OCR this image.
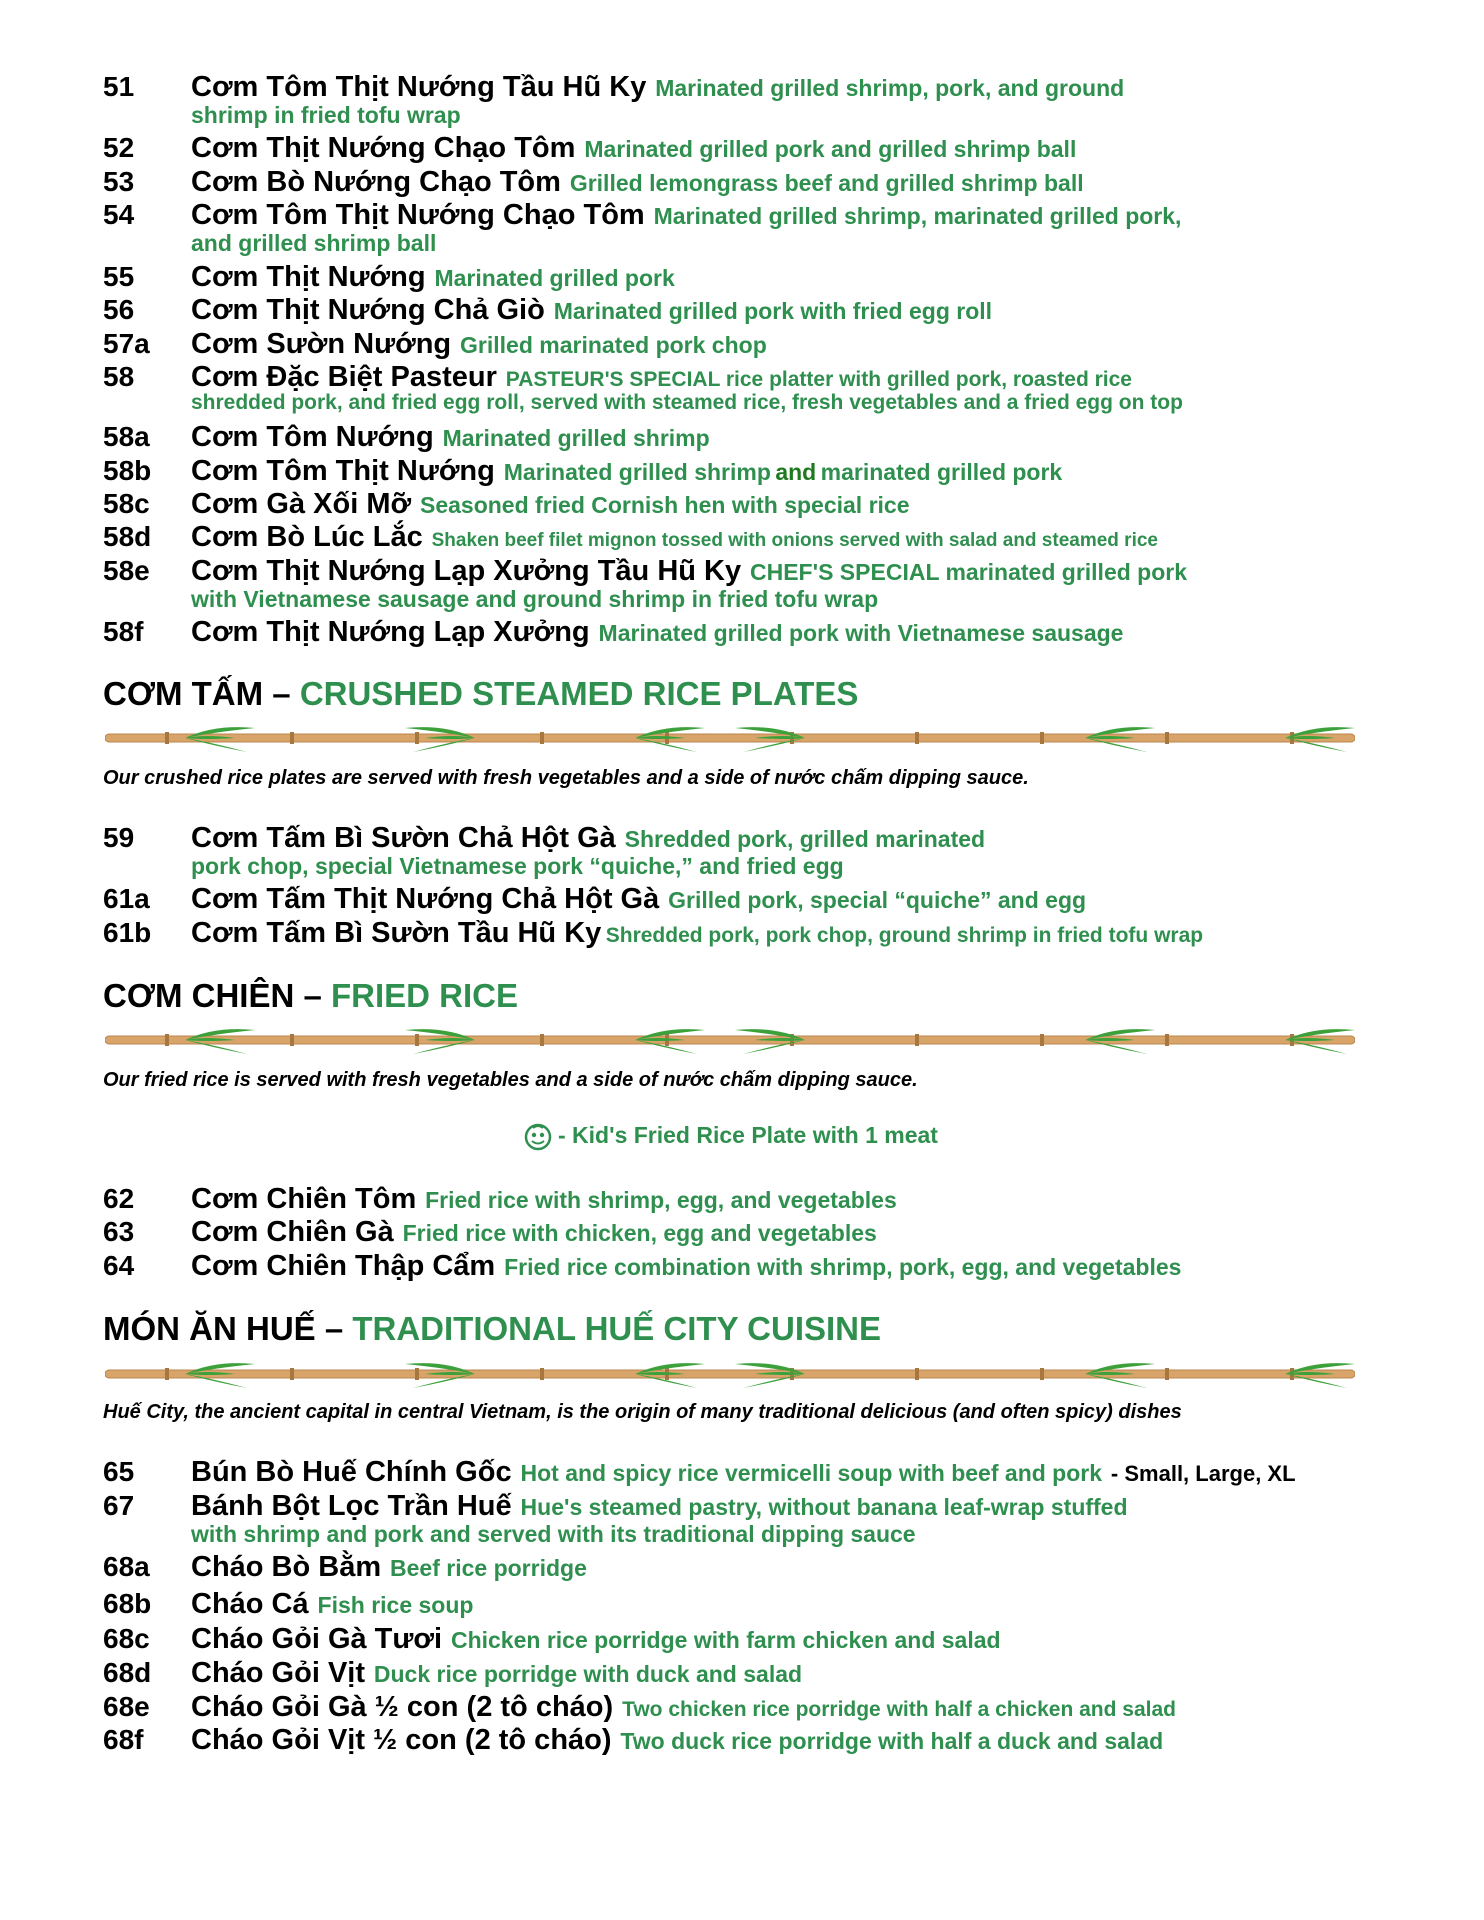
51 Cơm Tôm Thịt Nướng Tầu Hũ Ky Marinated grilled shrimp, pork, and ground
shrimp in fried tofu wrap
52 Cơm Thịt Nướng Chạo Tôm Marinated grilled pork and grilled shrimp ball
53 Cơm Bò Nướng Chạo Tôm Grilled lemongrass beef and grilled shrimp ball
54 Cơm Tôm Thịt Nướng Chạo Tôm Marinated grilled shrimp, marinated grilled pork,
and grilled shrimp ball
55 Cơm Thịt Nướng Marinated grilled pork
56 Cơm Thịt Nướng Chả Giò Marinated grilled pork with fried egg roll
57a Cơm Sườn Nướng Grilled marinated pork chop
58 Cơm Đặc Biệt Pasteur PASTEUR'S SPECIAL rice platter with grilled pork, roasted rice
shredded pork, and fried egg roll, served with steamed rice, fresh vegetables and a fried egg on top
58a Cơm Tôm Nướng Marinated grilled shrimp
58b Cơm Tôm Thịt Nướng Marinated grilled shrimp and marinated grilled pork
58c Cơm Gà Xối Mỡ Seasoned fried Cornish hen with special rice
58d Cơm Bò Lúc Lắc Shaken beef filet mignon tossed with onions served with salad and steamed rice
58e Cơm Thịt Nướng Lạp Xưởng Tầu Hũ Ky CHEF'S SPECIAL marinated grilled pork
with Vietnamese sausage and ground shrimp in fried tofu wrap
58f Cơm Thịt Nướng Lạp Xưởng Marinated grilled pork with Vietnamese sausage
CƠM TẤM – CRUSHED STEAMED RICE PLATES
Our crushed rice plates are served with fresh vegetables and a side of nước chấm dipping sauce.
59 Cơm Tấm Bì Sườn Chả Hột Gà Shredded pork, grilled marinated
pork chop, special Vietnamese pork “quiche,” and fried egg
61a Cơm Tấm Thịt Nướng Chả Hột Gà Grilled pork, special “quiche” and egg
61b Cơm Tấm Bì Sườn Tầu Hũ Ky Shredded pork, pork chop, ground shrimp in fried tofu wrap
CƠM CHIÊN – FRIED RICE
Our fried rice is served with fresh vegetables and a side of nước chấm dipping sauce.
- Kid's Fried Rice Plate with 1 meat
62 Cơm Chiên Tôm Fried rice with shrimp, egg, and vegetables
63 Cơm Chiên Gà Fried rice with chicken, egg and vegetables
64 Cơm Chiên Thập Cẩm Fried rice combination with shrimp, pork, egg, and vegetables
MÓN ĂN HUẾ – TRADITIONAL HUẾ CITY CUISINE
Huế City, the ancient capital in central Vietnam, is the origin of many traditional delicious (and often spicy) dishes
65 Bún Bò Huế Chính Gốc Hot and spicy rice vermicelli soup with beef and pork - Small, Large, XL
67 Bánh Bột Lọc Trần Huế Hue's steamed pastry, without banana leaf-wrap stuffed
with shrimp and pork and served with its traditional dipping sauce
68a Cháo Bò Bằm Beef rice porridge
68b Cháo Cá Fish rice soup
68c Cháo Gỏi Gà Tươi Chicken rice porridge with farm chicken and salad
68d Cháo Gỏi Vịt Duck rice porridge with duck and salad
68e Cháo Gỏi Gà ½ con (2 tô cháo) Two chicken rice porridge with half a chicken and salad
68f Cháo Gỏi Vịt ½ con (2 tô cháo) Two duck rice porridge with half a duck and salad
